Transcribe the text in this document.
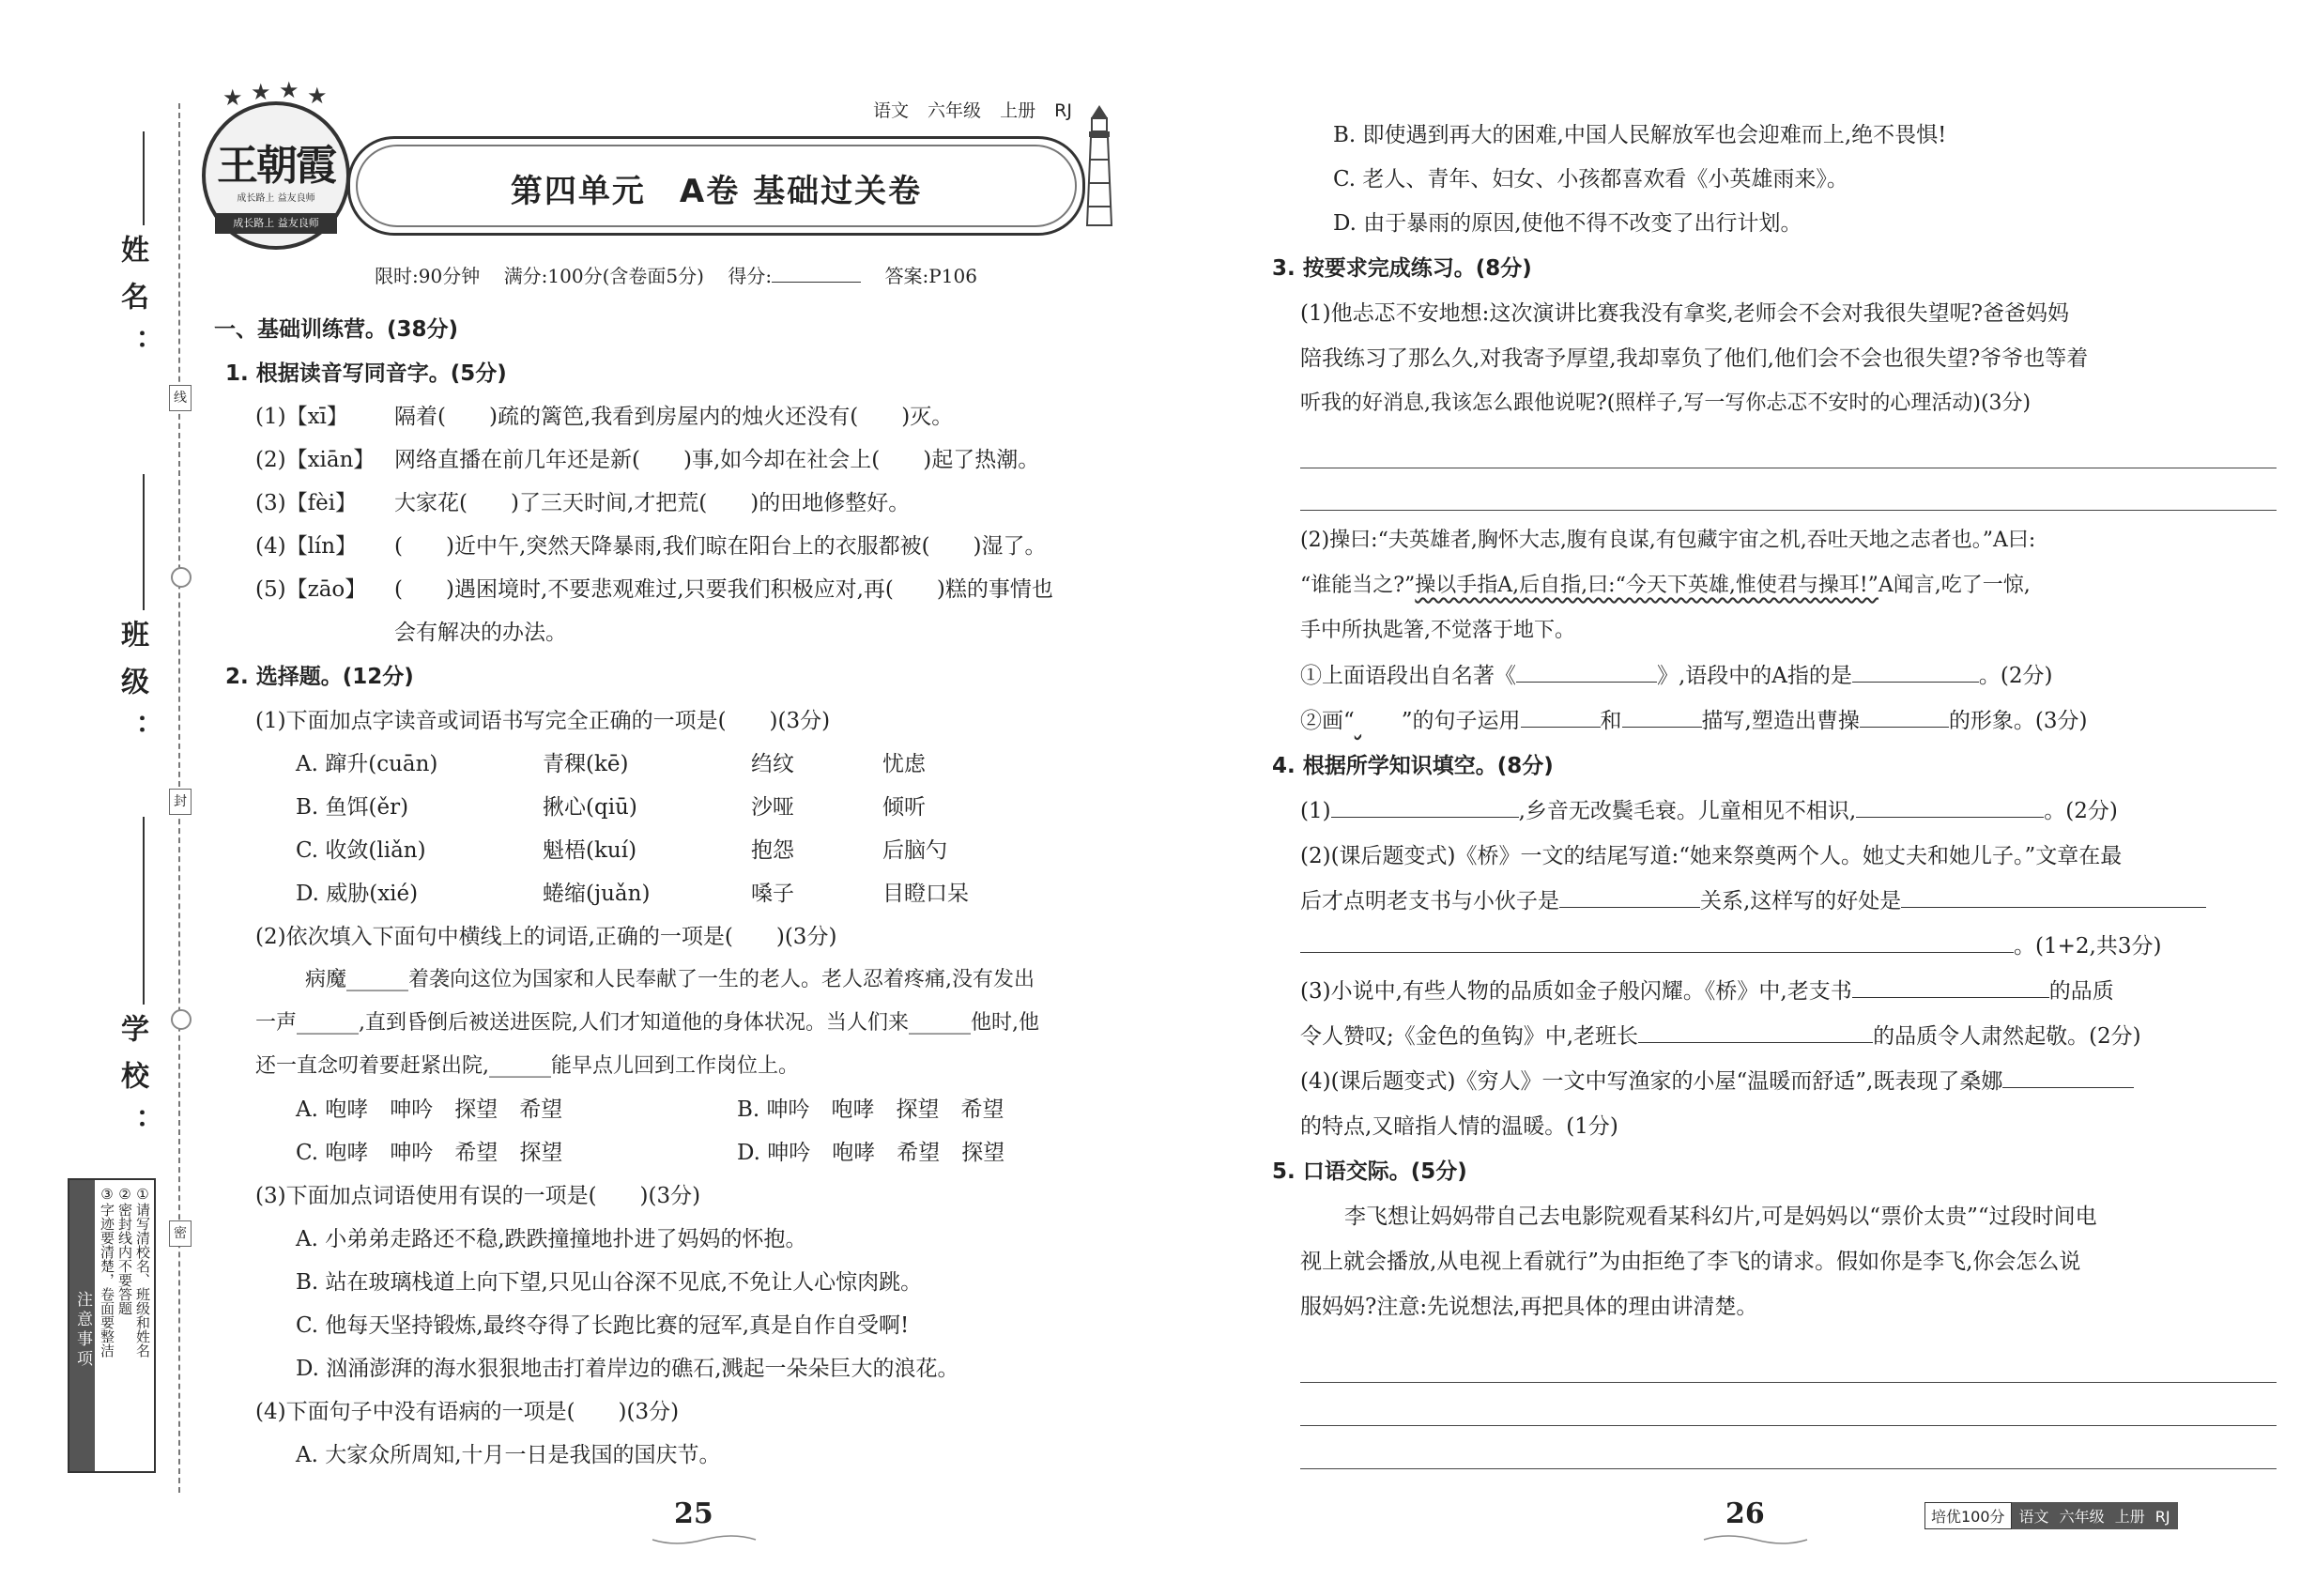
姓名：
班级：
学校：
线
封
密
注意事项	①请写清校名、班级和姓名
②密封线内不要答题
③字迹要清楚，卷面要整洁
★ ★ ★ ★
王朝霞
成长路上 益友良师
成长路上 益友良师
语文 六年级 上册 RJ
第四单元　A卷 基础过关卷
限时:90分钟 满分:100分(含卷面5分) 得分:	答案:P106
一、基础训练营。(38分)
1. 根据读音写同音字。(5分)
(1)【xī】 隔着(　　)疏的篱笆,我看到房屋内的烛火还没有(　　)灭。
(2)【xiān】 网络直播在前几年还是新(　　)事,如今却在社会上(　　)起了热潮。
(3)【fèi】 大家花(　　)了三天时间,才把荒(　　)的田地修整好。
(4)【lín】 (　　)近中午,突然天降暴雨,我们晾在阳台上的衣服都被(　　)湿了。
(5)【zāo】 (　　)遇困境时,不要悲观难过,只要我们积极应对,再(　　)糕的事情也
会有解决的办法。
2. 选择题。(12分)
(1)下面加点字读音或词语书写完全正确的一项是(　　)(3分)
A. 蹿升(cuān)	青稞(kē)	绉纹	忧虑
B. 鱼饵(ěr)	揪心(qiū)	沙哑	倾听
C. 收敛(liǎn)	魁梧(kuí)	抱怨	后脑勺
D. 威胁(xié)	蜷缩(juǎn)	嗓子	目瞪口呆
(2)依次填入下面句中横线上的词语,正确的一项是(　　)(3分)
病魔______着袭向这位为国家和人民奉献了一生的老人。老人忍着疼痛,没有发出
一声______,直到昏倒后被送进医院,人们才知道他的身体状况。当人们来______他时,他
还一直念叨着要赶紧出院,______能早点儿回到工作岗位上。
A. 咆哮　呻吟　探望　希望	B. 呻吟　咆哮　探望　希望
C. 咆哮　呻吟　希望　探望	D. 呻吟　咆哮　希望　探望
(3)下面加点词语使用有误的一项是(　　)(3分)
A. 小弟弟走路还不稳,跌跌撞撞地扑进了妈妈的怀抱。
B. 站在玻璃栈道上向下望,只见山谷深不见底,不免让人心惊肉跳。
C. 他每天坚持锻炼,最终夺得了长跑比赛的冠军,真是自作自受啊!
D. 汹涌澎湃的海水狠狠地击打着岸边的礁石,溅起一朵朵巨大的浪花。
(4)下面句子中没有语病的一项是(　　)(3分)
A. 大家众所周知,十月一日是我国的国庆节。
25
B. 即使遇到再大的困难,中国人民解放军也会迎难而上,绝不畏惧!
C. 老人、青年、妇女、小孩都喜欢看《小英雄雨来》。
D. 由于暴雨的原因,使他不得不改变了出行计划。
3. 按要求完成练习。(8分)
(1)他忐忑不安地想:这次演讲比赛我没有拿奖,老师会不会对我很失望呢?爸爸妈妈
陪我练习了那么久,对我寄予厚望,我却辜负了他们,他们会不会也很失望?爷爷也等着
听我的好消息,我该怎么跟他说呢?(照样子,写一写你忐忑不安时的心理活动)(3分)
(2)操曰:“夫英雄者,胸怀大志,腹有良谋,有包藏宇宙之机,吞吐天地之志者也。”A曰:
“谁能当之?”操以手指A,后自指,曰:“今天下英雄,惟使君与操耳!”A闻言,吃了一惊,
手中所执匙箸,不觉落于地下。
①上面语段出自名著《	》,语段中的A指的是	。(2分)
②画“ ”的句子运用	和	描写,塑造出曹操	的形象。(3分)
4. 根据所学知识填空。(8分)
(1)	,乡音无改鬓毛衰。儿童相见不相识,	。(2分)
(2)(课后题变式)《桥》一文的结尾写道:“她来祭奠两个人。她丈夫和她儿子。”文章在最
后才点明老支书与小伙子是	关系,这样写的好处是
。(1+2,共3分)
(3)小说中,有些人物的品质如金子般闪耀。《桥》中,老支书	的品质
令人赞叹;《金色的鱼钩》中,老班长	的品质令人肃然起敬。(2分)
(4)(课后题变式)《穷人》一文中写渔家的小屋“温暖而舒适”,既表现了桑娜
的特点,又暗指人情的温暖。(1分)
5. 口语交际。(5分)
李飞想让妈妈带自己去电影院观看某科幻片,可是妈妈以“票价太贵”“过段时间电
视上就会播放,从电视上看就行”为由拒绝了李飞的请求。假如你是李飞,你会怎么说
服妈妈?注意:先说想法,再把具体的理由讲清楚。
26	培优100分 语文 六年级 上册 RJ
